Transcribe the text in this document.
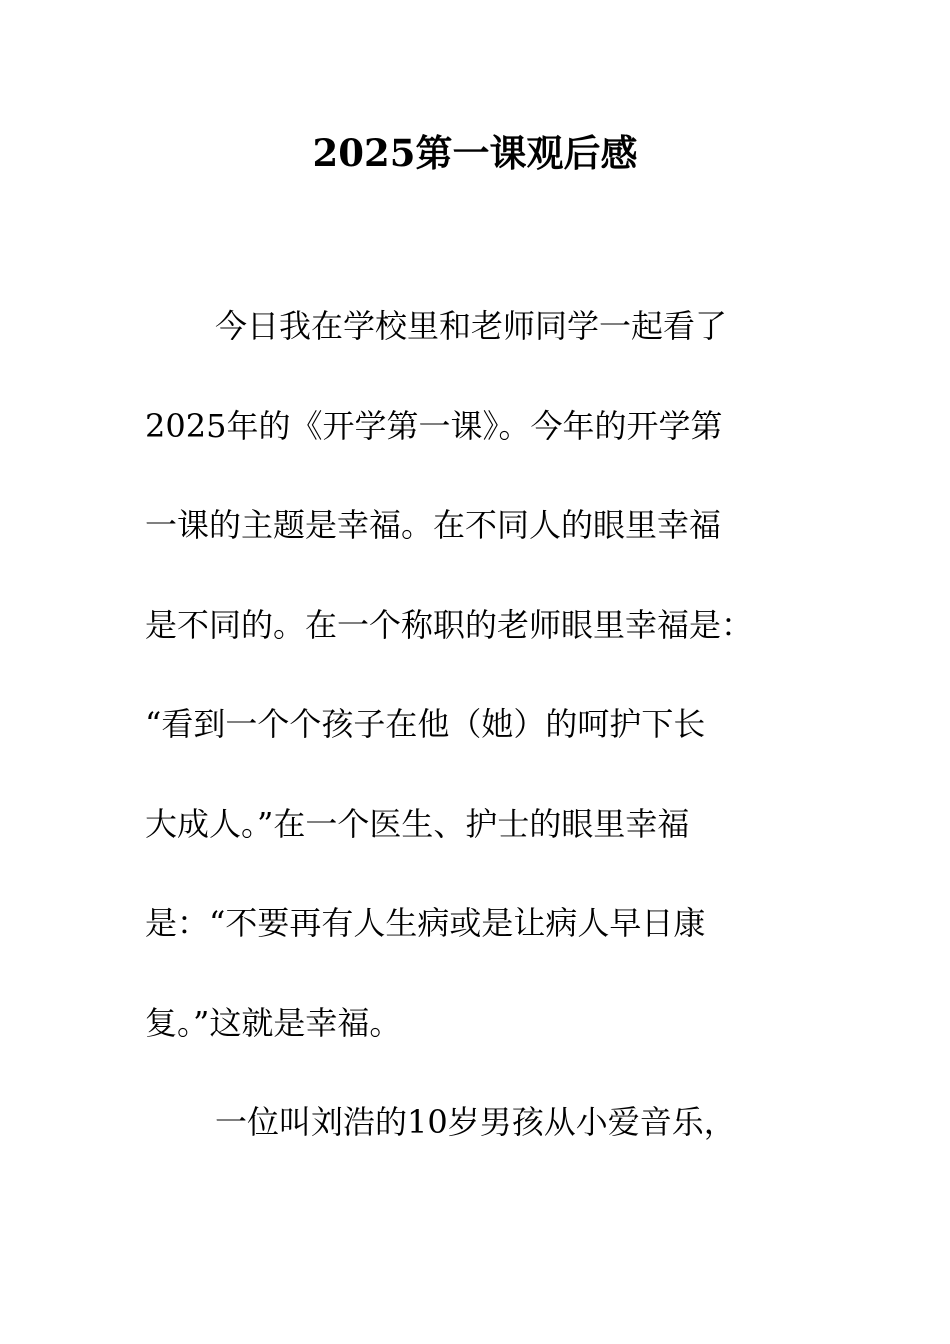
2025第一课观后感

今日我在学校里和老师同学一起看了

2025年的《开学第一课》。今年的开学第

一课的主题是幸福。在不同人的眼里幸福

是不同的。在一个称职的老师眼里幸福是：

“看到一个个孩子在他（她）的呵护下长

大成人。”在一个医生、护士的眼里幸福

是：“不要再有人生病或是让病人早日康

复。”这就是幸福。

一位叫刘浩的10岁男孩从小爱音乐，
